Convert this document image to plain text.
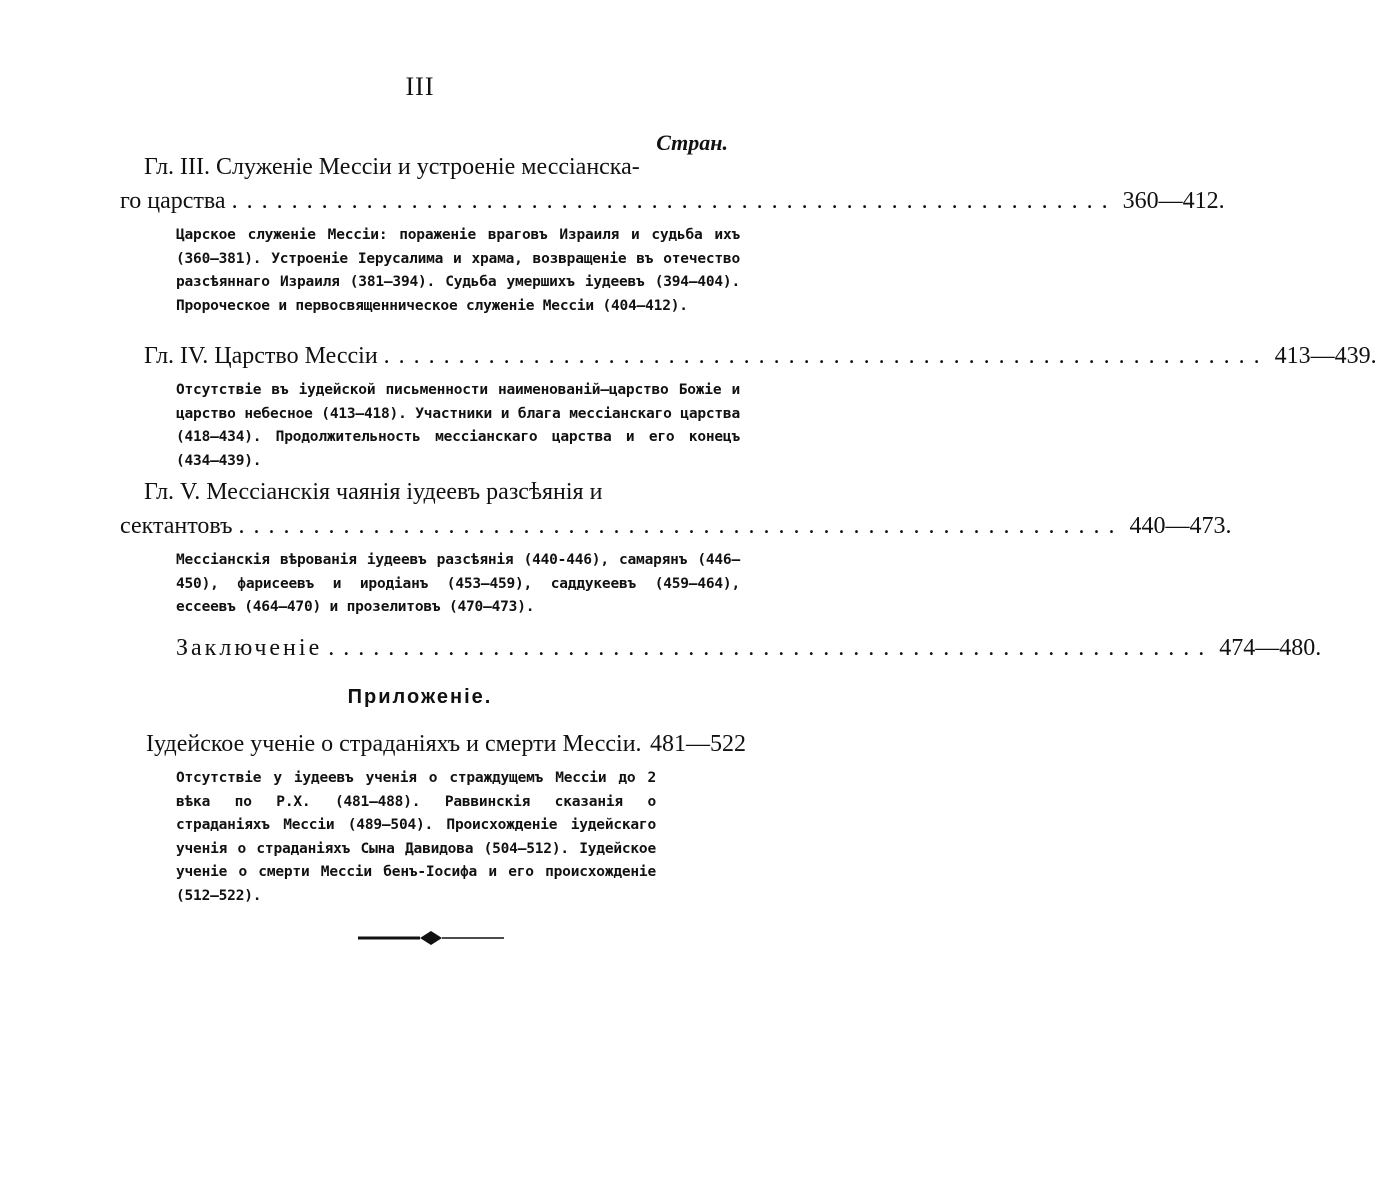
III
Стран.
Гл. III. Служеніе Мессіи и устроеніе мессіанска-
го царства ........................................................... 360—412.
Царское служеніе Мессіи: пораженіе враговъ Израиля и судьба ихъ (360—381). Устроеніе Іерусалима и храма, возвращеніе въ отечество разсѣяннаго Израиля (381—394). Судьба умершихъ іудеевъ (394—404). Пророческое и первосвященническое служеніе Мессіи (404—412).
Гл. IV. Царство Мессіи ........................................................... 413—439.
Отсутствіе въ іудейской письменности наименованій—царство Божіе и царство небесное (413—418). Участники и блага мессіанскаго царства (418—434). Продолжительность мессіанскаго царства и его конецъ (434—439).
Гл. V. Мессіанскія чаянія іудеевъ разсѣянія и
сектантовъ ........................................................... 440—473.
Мессіанскія вѣрованія іудеевъ разсѣянія (440-446), самарянъ (446—450), фарисеевъ и иродіанъ (453—459), саддукеевъ (459—464), ессеевъ (464—470) и прозелитовъ (470—473).
Заключеніе ........................................................... 474—480.
Приложеніе.
Іудейское ученіе о страданіяхъ и смерти Мессіи. 481—522
Отсутствіе у іудеевъ ученія о страждущемъ Мессіи до 2 вѣка по Р.Х. (481—488). Раввинскія сказанія о страданіяхъ Мессіи (489—504). Происхожденіе іудейскаго ученія о страданіяхъ Сына Давидова (504—512). Іудейское ученіе о смерти Мессіи бенъ-Іосифа и его происхожденіе (512—522).
